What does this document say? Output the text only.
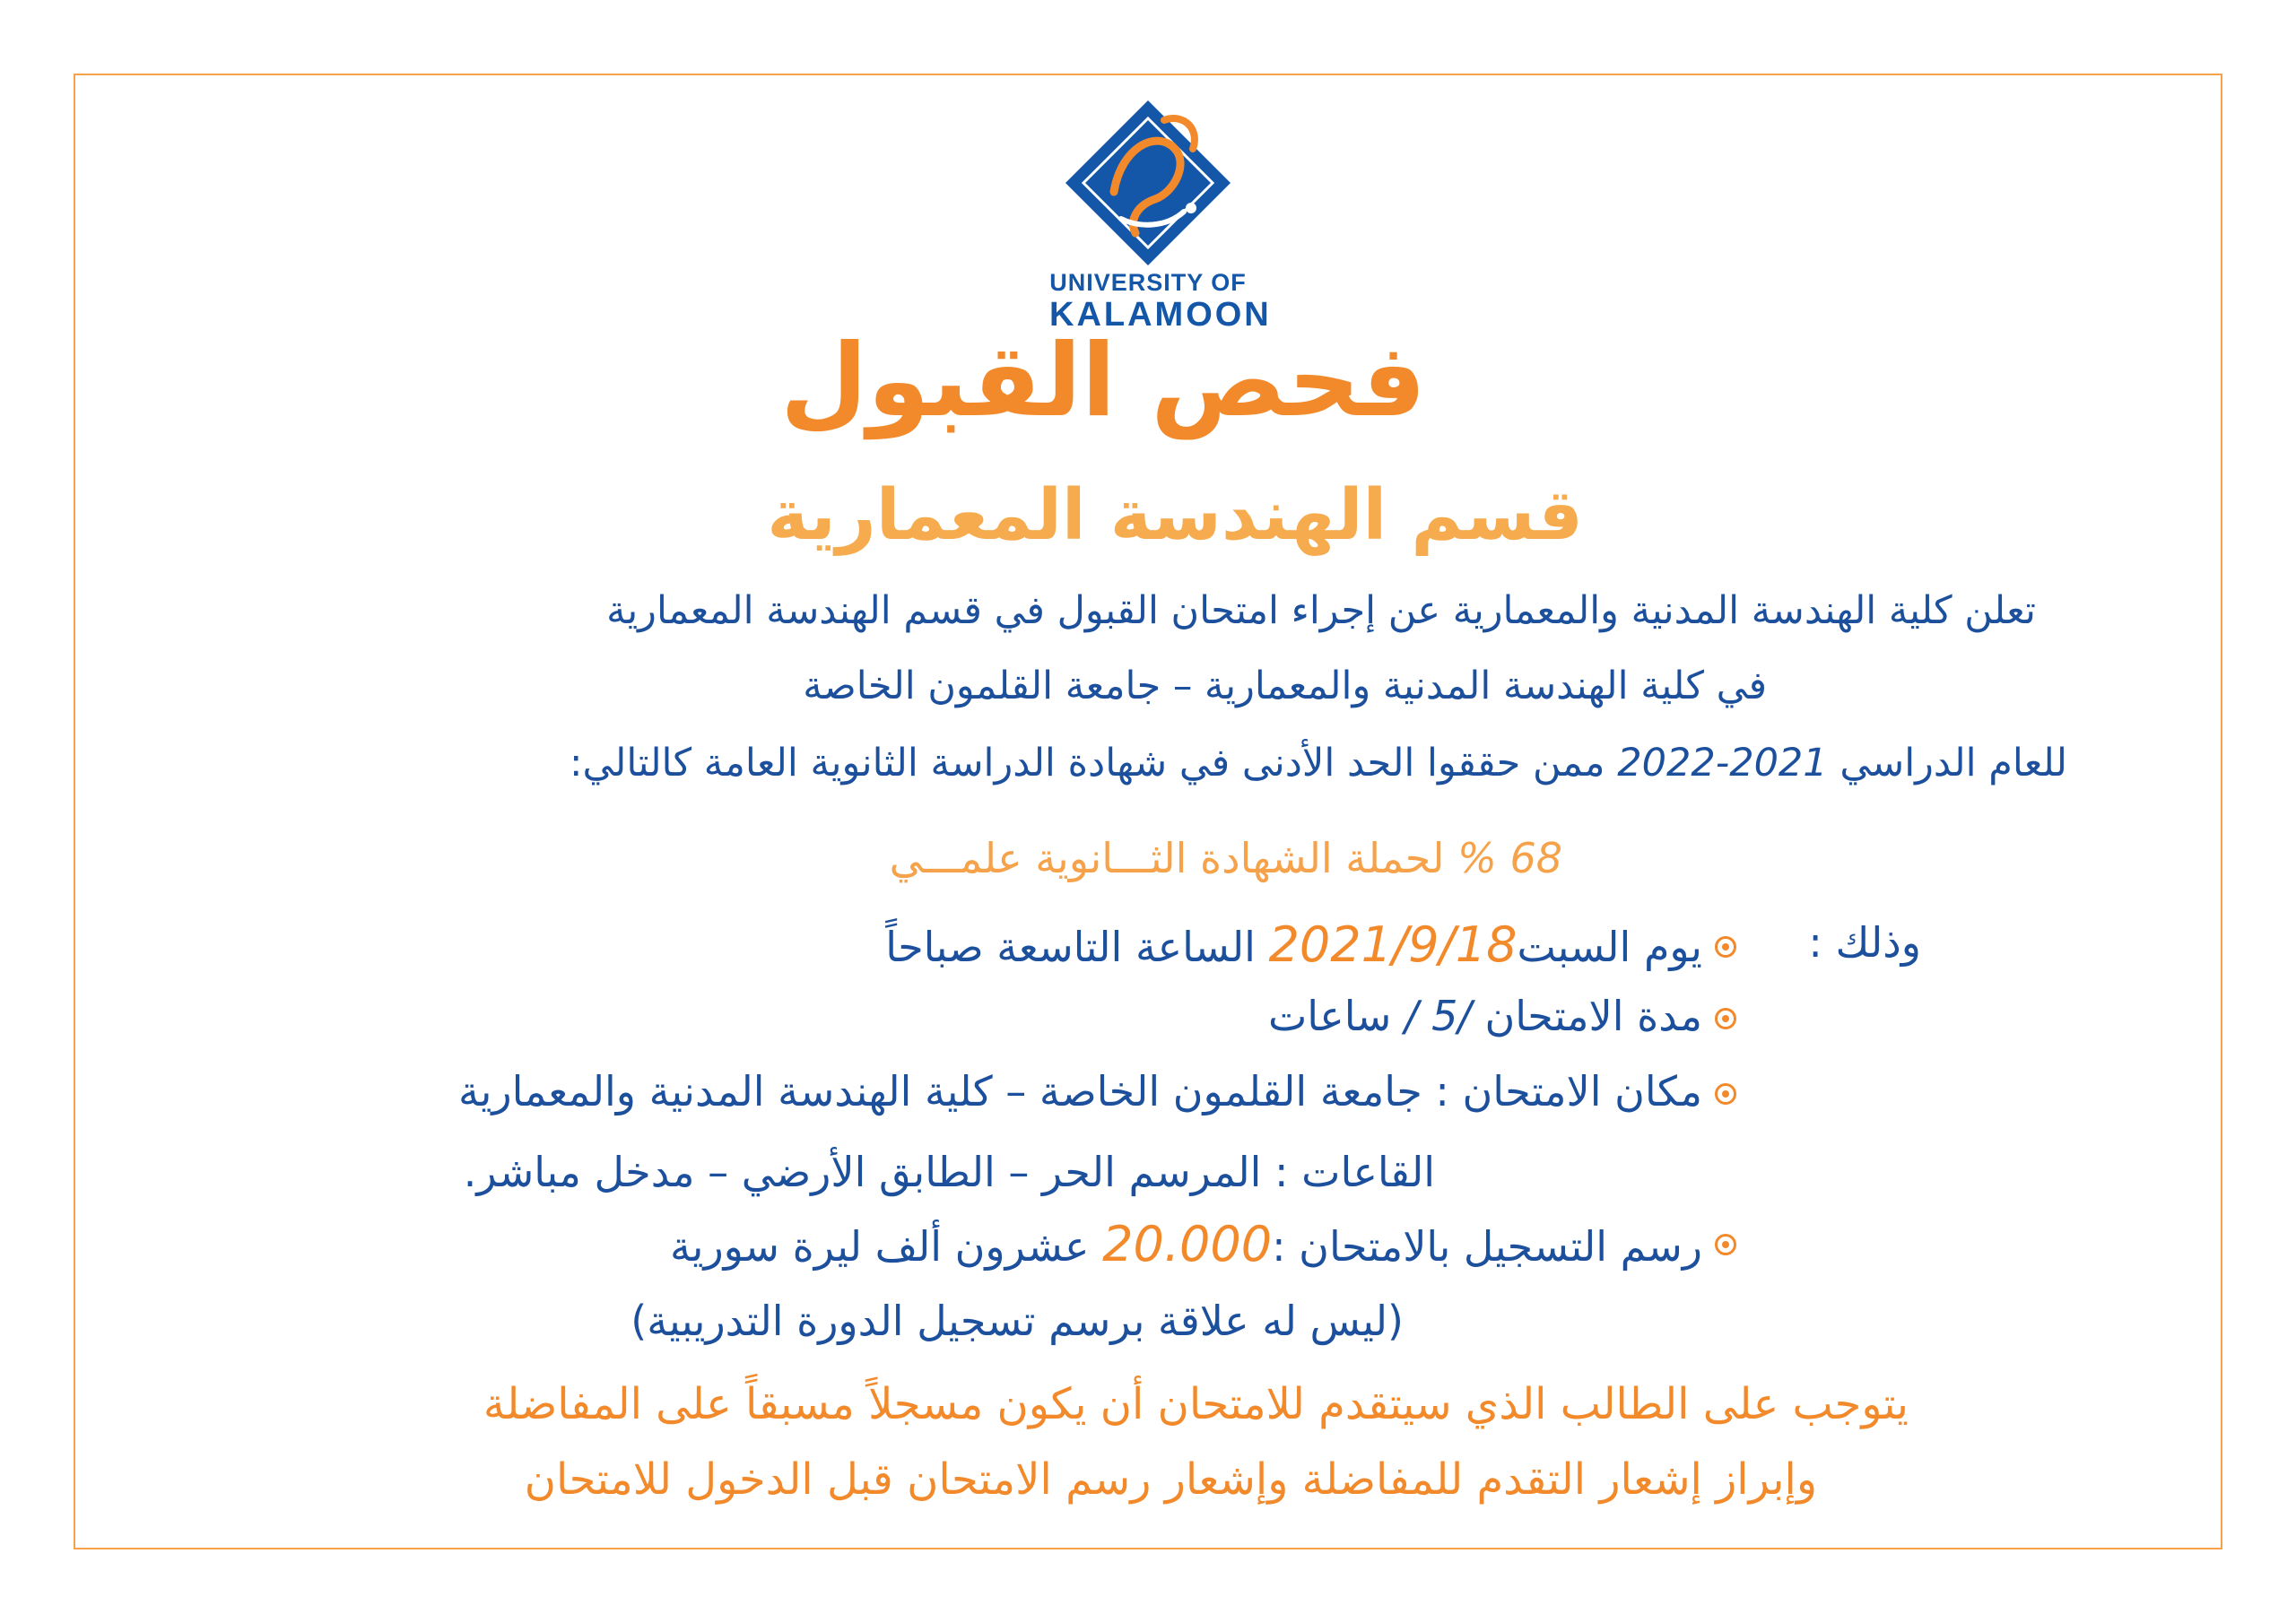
UNIVERSITY OF
KALAMOON
فحص القبول
قسم الهندسة المعمارية
تعلن كلية الهندسة المدنية والمعمارية عن إجراء امتحان القبول في قسم الهندسة المعمارية
في كلية الهندسة المدنية والمعمارية – جامعة القلمون الخاصة
للعام الدراسي 2021-2022 ممن حققوا الحد الأدنى في شهادة الدراسة الثانوية العامة كالتالي:
68 % لحملة الشهادة الثـــانوية علمـــي
وذلك :
يوم السبت2021/9/18 الساعة التاسعة صباحاً
مدة الامتحان /5 / ساعات
مكان الامتحان : جامعة القلمون الخاصة – كلية الهندسة المدنية والمعمارية
القاعات : المرسم الحر – الطابق الأرضي – مدخل مباشر.
رسم التسجيل بالامتحان :20.000 عشرون ألف ليرة سورية
(ليس له علاقة برسم تسجيل الدورة التدريبية)
يتوجب على الطالب الذي سيتقدم للامتحان أن يكون مسجلاً مسبقاً على المفاضلة
وإبراز إشعار التقدم للمفاضلة وإشعار رسم الامتحان قبل الدخول للامتحان
